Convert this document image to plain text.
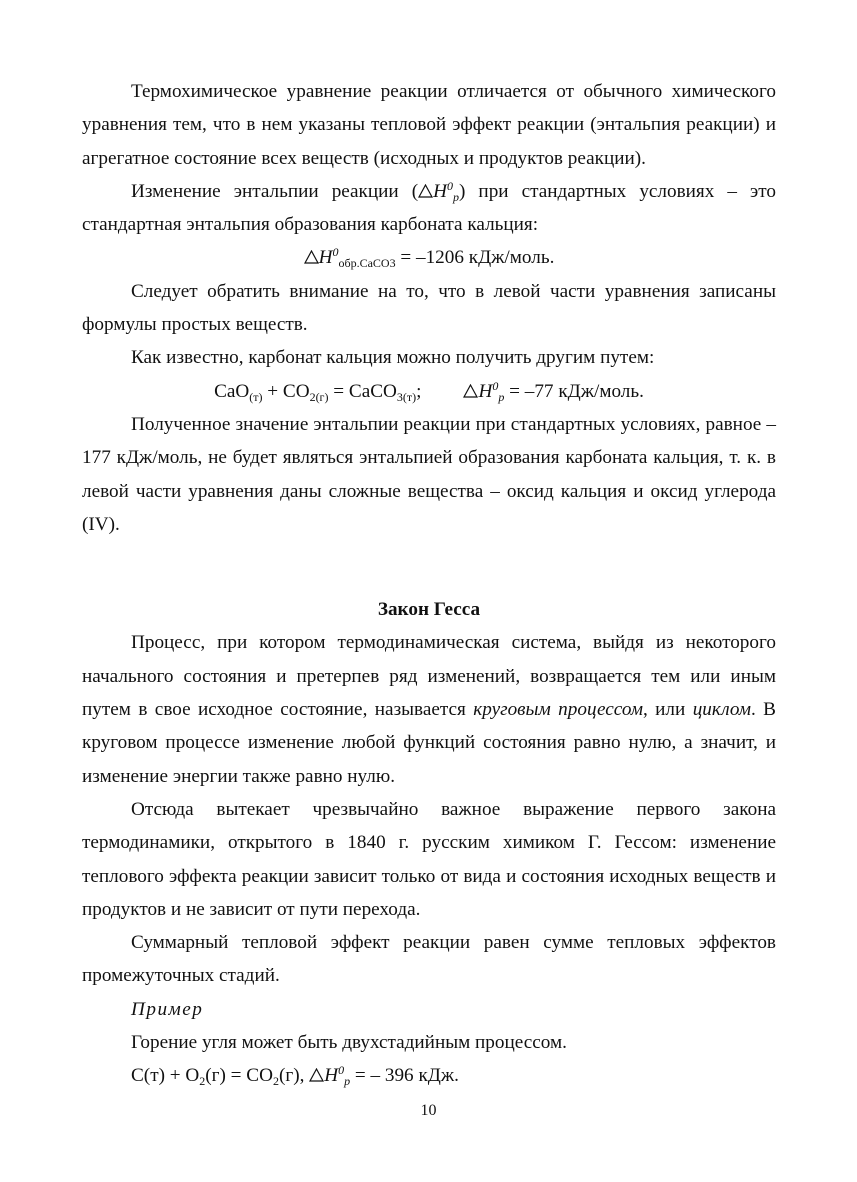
Термохимическое уравнение реакции отличается от обычного химического уравнения тем, что в нем указаны тепловой эффект реакции (энтальпия реакции) и агрегатное состояние всех веществ (исходных и продуктов реакции).

Изменение энтальпии реакции ( $H^0_p$) при стандартных условиях – это стандартная энтальпия образования карбоната кальция:

$H^0_{обр.CaCO3} = -1206$ кДж/моль.

Следует обратить внимание на то, что в левой части уравнения записаны формулы простых веществ.

Как известно, карбонат кальция можно получить другим путем:

$CaO_{(т)} + CO_{2(г)}$ = CaCO$_{3(т)}$;	$H^0_p = -77$ кДж/моль.

Полученное значение энтальпии реакции при стандартных условиях, равное –177 кДж/моль, не будет являться энтальпией образования карбоната кальция, т. к. в левой части уравнения даны сложные вещества – оксид кальция и оксид углерода (IV).

Закон Гесса

Процесс, при котором термодинамическая система, выйдя из некоторого начального состояния и претерпев ряд изменений, возвращается тем или иным путем в свое исходное состояние, называется круговым процессом, или циклом. В круговом процессе изменение любой функций состояния равно нулю, а значит, и изменение энергии также равно нулю.

Отсюда вытекает чрезвычайно важное выражение первого закона термодинамики, открытого в 1840 г. русским химиком Г. Гессом: изменение теплового эффекта реакции зависит только от вида и состояния исходных веществ и продуктов и не зависит от пути перехода.

Суммарный тепловой эффект реакции равен сумме тепловых эффектов промежуточных стадий.

Пример

Горение угля может быть двухстадийным процессом.

$C(т) + O_2(г) = CO_2(г)$, $H^0_p$ = – 396 кДж.

10
